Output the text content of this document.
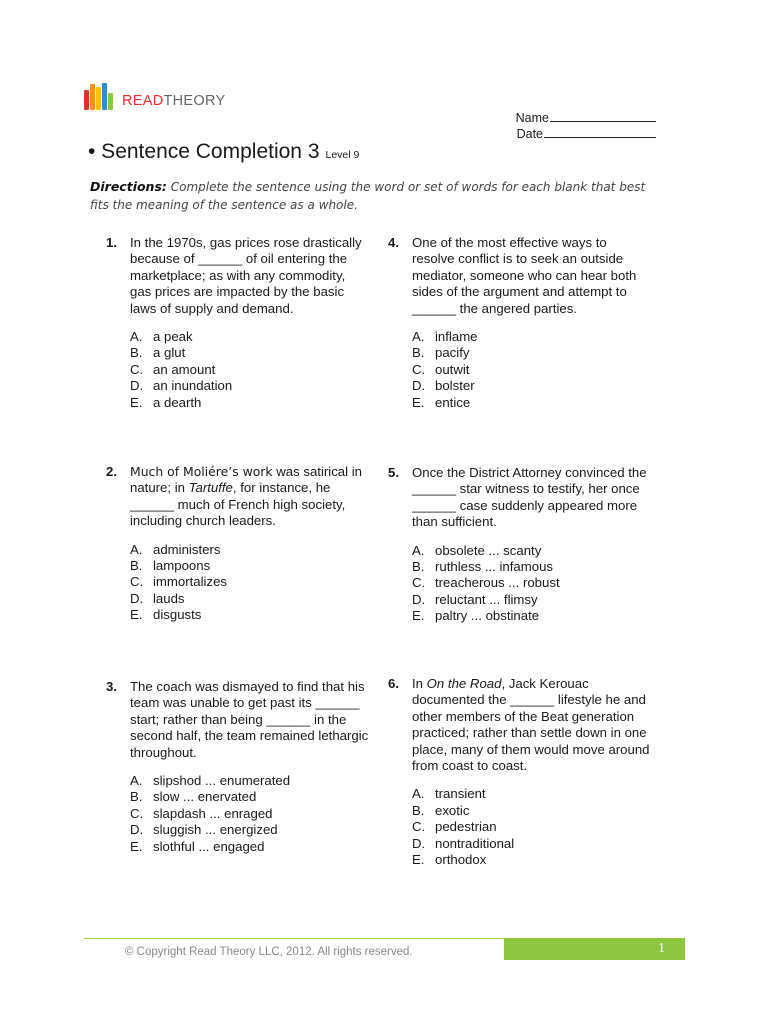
READTHEORY
Name
Date
• Sentence Completion 3 Level 9
Directions: Complete the sentence using the word or set of words for each blank that best fits the meaning of the sentence as a whole.
1. In the 1970s, gas prices rose drastically because of ______ of oil entering the marketplace; as with any commodity, gas prices are impacted by the basic laws of supply and demand.
A. a peak
B. a glut
C. an amount
D. an inundation
E. a dearth
2. Much of Moliére’s work was satirical in nature; in Tartuffe, for instance, he ______ much of French high society, including church leaders.
A. administers
B. lampoons
C. immortalizes
D. lauds
E. disgusts
3. The coach was dismayed to find that his team was unable to get past its ______ start; rather than being ______ in the second half, the team remained lethargic throughout.
A. slipshod ... enumerated
B. slow ... enervated
C. slapdash ... enraged
D. sluggish ... energized
E. slothful ... engaged
4. One of the most effective ways to resolve conflict is to seek an outside mediator, someone who can hear both sides of the argument and attempt to ______ the angered parties.
A. inflame
B. pacify
C. outwit
D. bolster
E. entice
5. Once the District Attorney convinced the ______ star witness to testify, her once ______ case suddenly appeared more than sufficient.
A. obsolete ... scanty
B. ruthless ... infamous
C. treacherous ... robust
D. reluctant ... flimsy
E. paltry ... obstinate
6. In On the Road, Jack Kerouac documented the ______ lifestyle he and other members of the Beat generation practiced; rather than settle down in one place, many of them would move around from coast to coast.
A. transient
B. exotic
C. pedestrian
D. nontraditional
E. orthodox
© Copyright Read Theory LLC, 2012. All rights reserved.	1
